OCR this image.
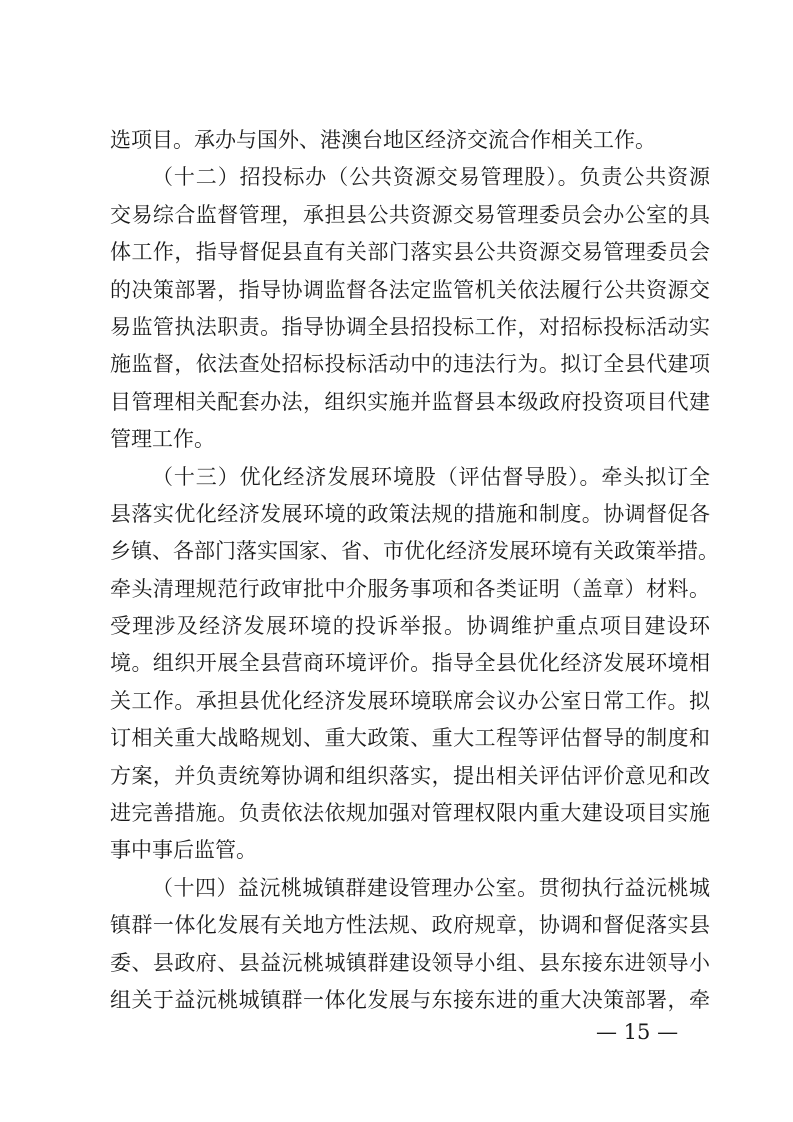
选项目。承办与国外、港澳台地区经济交流合作相关工作。
（十二）招投标办（公共资源交易管理股）。负责公共资源
交易综合监督管理，承担县公共资源交易管理委员会办公室的具
体工作，指导督促县直有关部门落实县公共资源交易管理委员会
的决策部署，指导协调监督各法定监管机关依法履行公共资源交
易监管执法职责。指导协调全县招投标工作，对招标投标活动实
施监督，依法查处招标投标活动中的违法行为。拟订全县代建项
目管理相关配套办法，组织实施并监督县本级政府投资项目代建
管理工作。
（十三）优化经济发展环境股（评估督导股）。牵头拟订全
县落实优化经济发展环境的政策法规的措施和制度。协调督促各
乡镇、各部门落实国家、省、市优化经济发展环境有关政策举措。
牵头清理规范行政审批中介服务事项和各类证明（盖章）材料。
受理涉及经济发展环境的投诉举报。协调维护重点项目建设环
境。组织开展全县营商环境评价。指导全县优化经济发展环境相
关工作。承担县优化经济发展环境联席会议办公室日常工作。拟
订相关重大战略规划、重大政策、重大工程等评估督导的制度和
方案，并负责统筹协调和组织落实，提出相关评估评价意见和改
进完善措施。负责依法依规加强对管理权限内重大建设项目实施
事中事后监管。
（十四）益沅桃城镇群建设管理办公室。贯彻执行益沅桃城
镇群一体化发展有关地方性法规、政府规章，协调和督促落实县
委、县政府、县益沅桃城镇群建设领导小组、县东接东进领导小
组关于益沅桃城镇群一体化发展与东接东进的重大决策部署，牵
— 15 —
